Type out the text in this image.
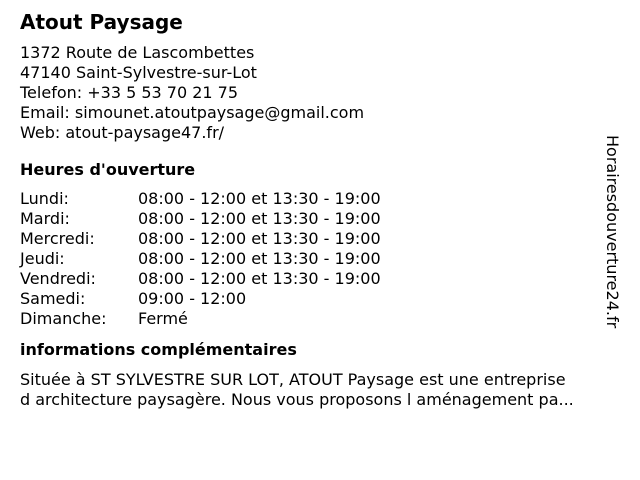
Atout Paysage
1372 Route de Lascombettes
47140 Saint-Sylvestre-sur-Lot
Telefon: +33 5 53 70 21 75
Email: simounet.atoutpaysage@gmail.com
Web: atout-paysage47.fr/
Heures d'ouverture
Lundi:	08:00 - 12:00 et 13:30 - 19:00
Mardi:	08:00 - 12:00 et 13:30 - 19:00
Mercredi:	08:00 - 12:00 et 13:30 - 19:00
Jeudi:	08:00 - 12:00 et 13:30 - 19:00
Vendredi:	08:00 - 12:00 et 13:30 - 19:00
Samedi:	09:00 - 12:00
Dimanche:	Fermé
informations complémentaires
Située à ST SYLVESTRE SUR LOT, ATOUT Paysage est une entreprise
d architecture paysagère. Nous vous proposons l aménagement pa...
Horairesdouverture24.fr
